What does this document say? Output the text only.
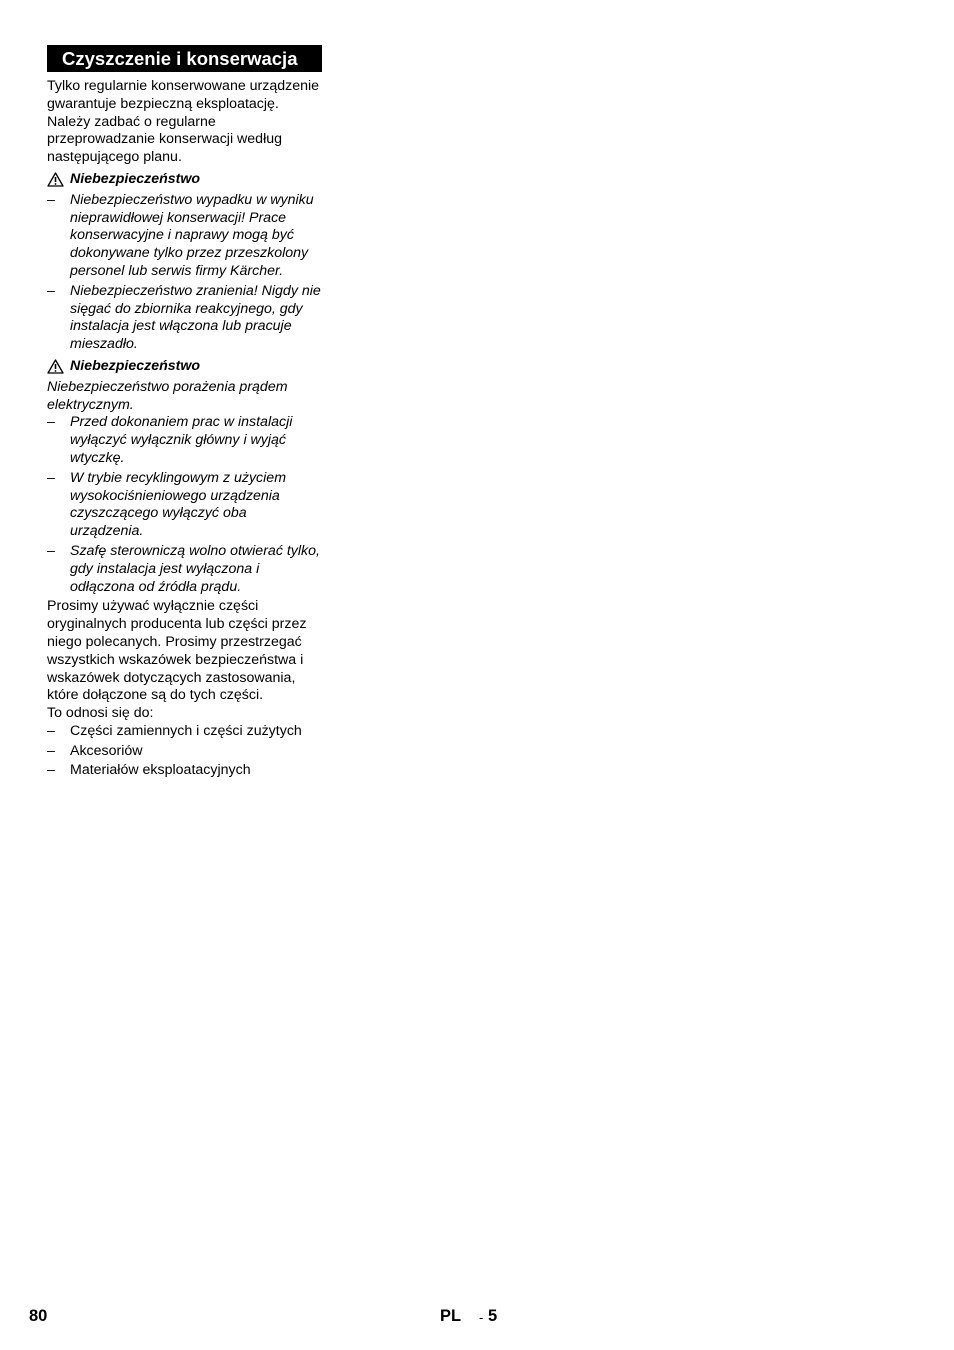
Czyszczenie i konserwacja

Tylko regularnie konserwowane urządzenie gwarantuje bezpieczną eksploatację. Należy zadbać o regularne przeprowadzanie konserwacji według następującego planu.

Niebezpieczeństwo
–	Niebezpieczeństwo wypadku w wyniku nieprawidłowej konserwacji! Prace konserwacyjne i naprawy mogą być dokonywane tylko przez przeszkolony personel lub serwis firmy Kärcher.
–	Niebezpieczeństwo zranienia! Nigdy nie sięgać do zbiornika reakcyjnego, gdy instalacja jest włączona lub pracuje mieszadło.
Niebezpieczeństwo

Niebezpieczeństwo porażenia prądem elektrycznym.

–	Przed dokonaniem prac w instalacji wyłączyć wyłącznik główny i wyjąć wtyczkę.
–	W trybie recyklingowym z użyciem wysokociśnieniowego urządzenia czyszczącego wyłączyć oba urządzenia.
–	Szafę sterowniczą wolno otwierać tylko, gdy instalacja jest wyłączona i odłączona od źródła prądu.

Prosimy używać wyłącznie części oryginalnych producenta lub części przez niego polecanych. Prosimy przestrzegać wszystkich wskazówek bezpieczeństwa i wskazówek dotyczących zastosowania, które dołączone są do tych części.

To odnosi się do:

–	Części zamiennych i części zużytych
–	Akcesoriów
–	Materiałów eksploatacyjnych
80	PL - 5
